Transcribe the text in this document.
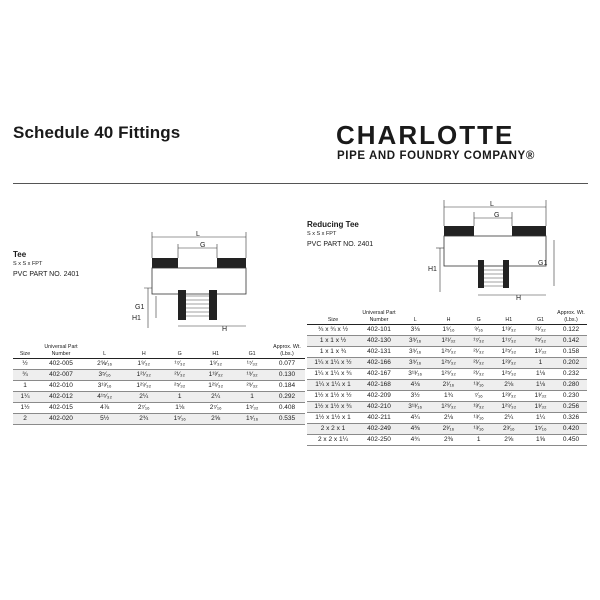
Schedule 40 Fittings	CHARLOTTE
PIPE AND FOUNDRY COMPANY®
Tee
S x S x FPT
PVC PART NO. 2401
L
G
G1
H1
H
Size	Universal Part Number	L	H	G	H1	G1	Approx. Wt. (Lbs.)
½	402-005	2⅝⁄₁₆	1⁹⁄₃₂	¹⁷⁄₃₂	1⁹⁄₃₂	¹⁷⁄₃₂	0.077
¾	402-007	3⁵⁄₁₆	1²¹⁄₃₂	²¹⁄₃₂	1¹³⁄₃₂	¹⁹⁄₃₂	0.130
1	402-010	3¹³⁄₁₆	1²⁹⁄₃₂	²⁵⁄₃₂	1²⁹⁄₃₂	²⁹⁄₃₂	0.184
1¼	402-012	4¹⁵⁄₃₂	2¼	1	2¼	1	0.292
1½	402-015	4⅞	2⁷⁄₁₆	1⅛	2⁷⁄₁₆	1⁵⁄₃₂	0.408
2	402-020	5½	2¾	1⁵⁄₁₆	2⅝	1⁵⁄₁₆	0.535
Reducing Tee
S x S x FPT
PVC PART NO. 2401
L
G
H1
G1
H
Size	Universal Part Number	L	H	G	H1	G1	Approx. Wt. (Lbs.)
¾ x ¾ x ½	402-101	3⅛	1⁹⁄₁₆	⁹⁄₁₆	1¹³⁄₃₂	²¹⁄₃₂	0.122
1 x 1 x ½	402-130	3⁹⁄₁₆	1²¹⁄₃₂	¹⁷⁄₃₂	1¹⁷⁄₃₂	²⁵⁄₃₂	0.142
1 x 1 x ¾	402-131	3⁹⁄₁₆	1²⁵⁄₃₂	²¹⁄₃₂	1²⁵⁄₃₂	1¹⁄₃₂	0.158
1¼ x 1¼ x ½	402-166	3⁹⁄₁₆	1²⁵⁄₃₂	²¹⁄₃₂	1²³⁄₃₂	1	0.202
1¼ x 1¼ x ¾	402-167	3¹³⁄₁₆	1²⁹⁄₃₂	²¹⁄₃₂	1²⁵⁄₃₂	1⅛	0.232
1¼ x 1¼ x 1	402-168	4⅛	2¹⁄₁₆	¹³⁄₁₆	2⅛	1⅛	0.280
1½ x 1½ x ½	402-209	3½	1¾	⁷⁄₁₆	1²³⁄₃₂	1³⁄₃₂	0.230
1½ x 1½ x ¾	402-210	3¹³⁄₁₆	1²⁹⁄₃₂	¹³⁄₃₂	1²⁹⁄₃₂	1³⁄₃₂	0.256
1½ x 1½ x 1	402-211	4¼	2⅛	¹³⁄₁₆	2¼	1¼	0.326
2 x 2 x 1	402-249	4⅜	2³⁄₁₆	¹³⁄₁₆	2³⁄₁₆	1⁵⁄₁₆	0.420
2 x 2 x 1¼	402-250	4¾	2⅜	1	2⅝	1⅝	0.450
